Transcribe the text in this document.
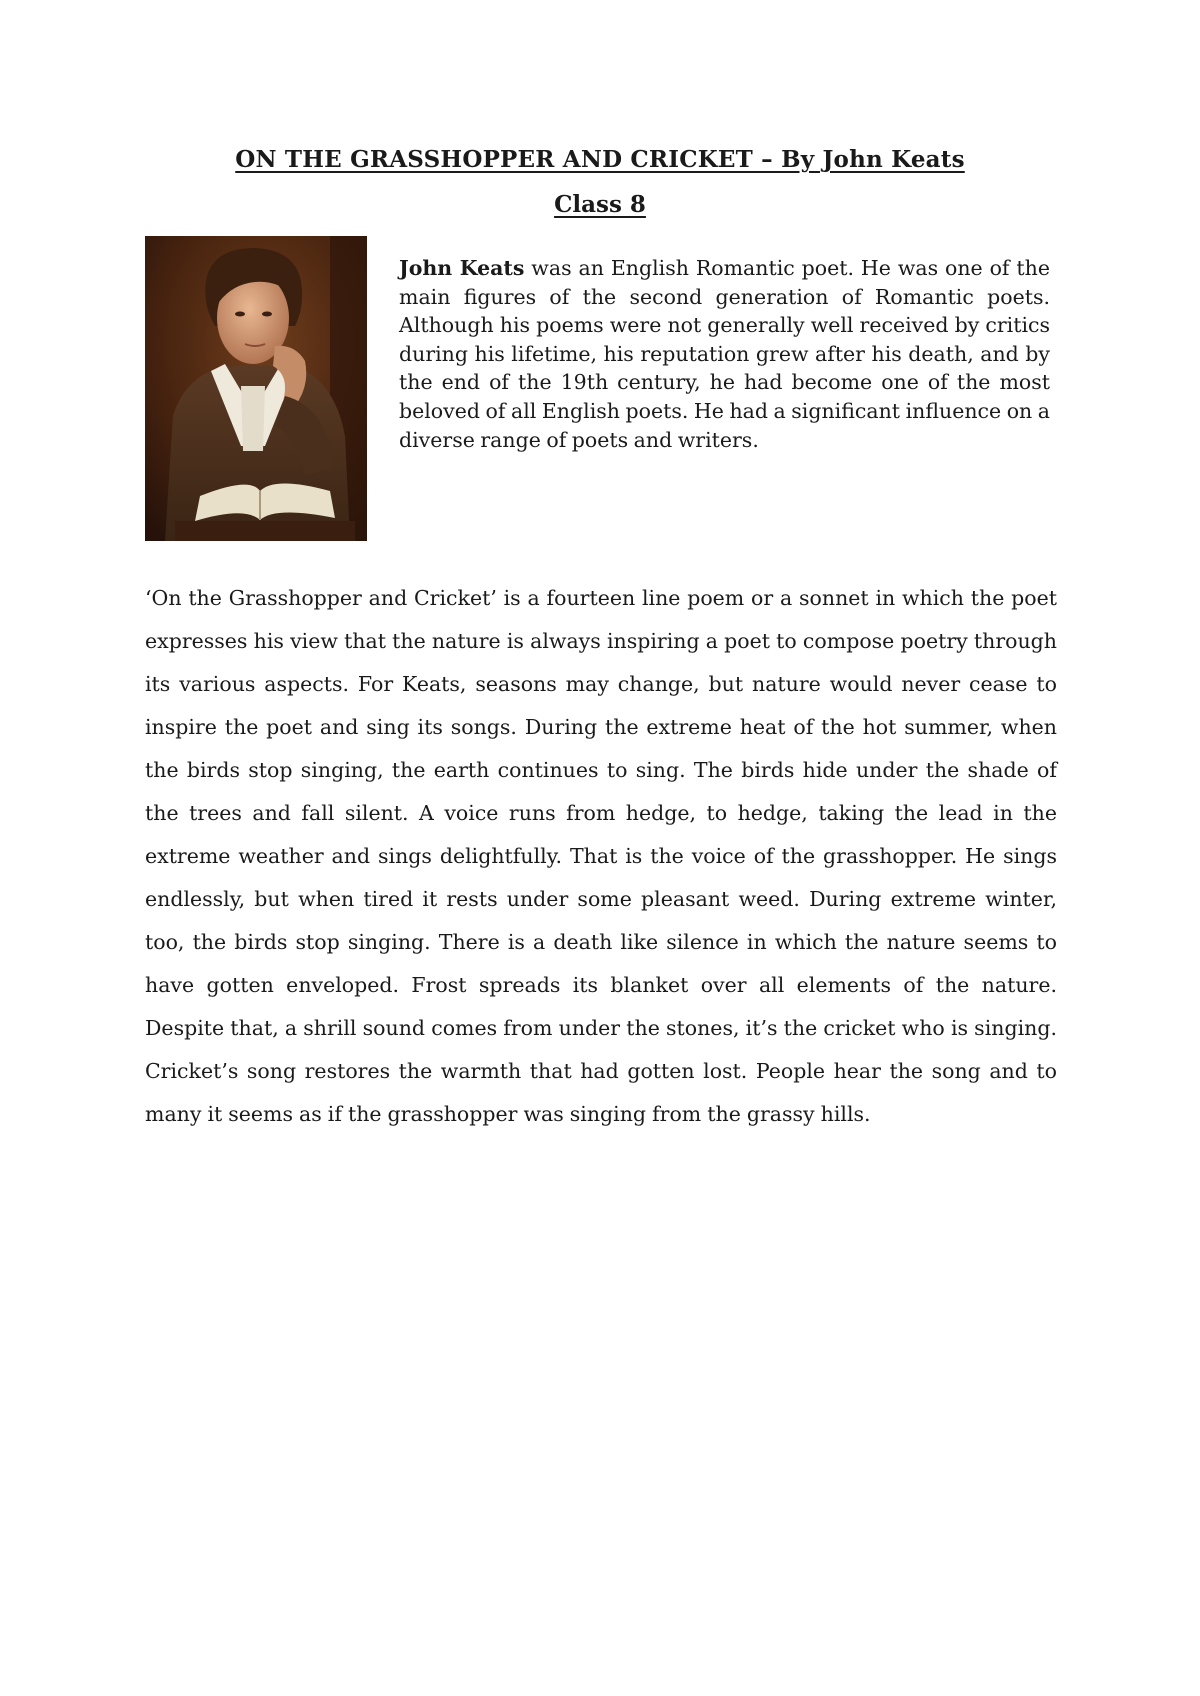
ON THE GRASSHOPPER AND CRICKET – By John Keats
Class 8

John Keats was an English Romantic poet. He was one of the main figures of the second generation of Romantic poets. Although his poems were not generally well received by critics during his lifetime, his reputation grew after his death, and by the end of the 19th century, he had become one of the most beloved of all English poets. He had a significant influence on a diverse range of poets and writers.

‘On the Grasshopper and Cricket’ is a fourteen line poem or a sonnet in which the poet expresses his view that the nature is always inspiring a poet to compose poetry through its various aspects. For Keats, seasons may change, but nature would never cease to inspire the poet and sing its songs. During the extreme heat of the hot summer, when the birds stop singing, the earth continues to sing. The birds hide under the shade of the trees and fall silent. A voice runs from hedge, to hedge, taking the lead in the extreme weather and sings delightfully. That is the voice of the grasshopper. He sings endlessly, but when tired it rests under some pleasant weed. During extreme winter, too, the birds stop singing. There is a death like silence in which the nature seems to have gotten enveloped. Frost spreads its blanket over all elements of the nature. Despite that, a shrill sound comes from under the stones, it’s the cricket who is singing. Cricket’s song restores the warmth that had gotten lost. People hear the song and to many it seems as if the grasshopper was singing from the grassy hills.
